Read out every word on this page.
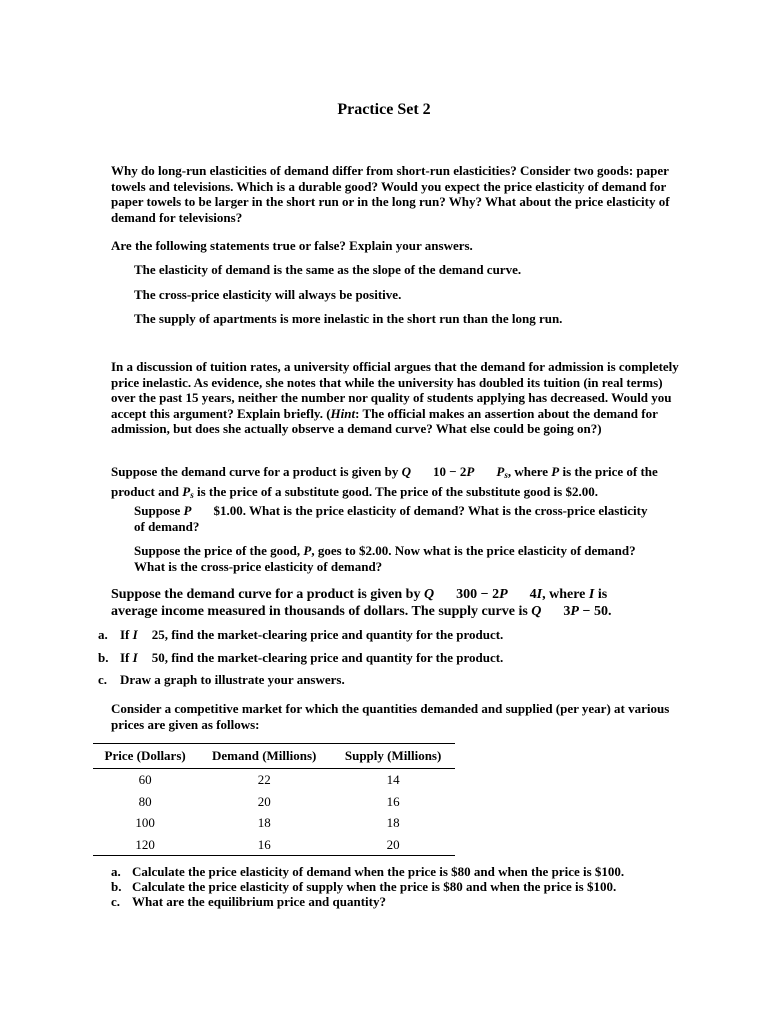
Practice Set 2

Why do long-run elasticities of demand differ from short-run elasticities? Consider two goods: paper towels and televisions. Which is a durable good? Would you expect the price elasticity of demand for paper towels to be larger in the short run or in the long run? Why? What about the price elasticity of demand for televisions?

Are the following statements true or false? Explain your answers.

The elasticity of demand is the same as the slope of the demand curve.

The cross-price elasticity will always be positive.

The supply of apartments is more inelastic in the short run than the long run.

In a discussion of tuition rates, a university official argues that the demand for admission is completely price inelastic. As evidence, she notes that while the university has doubled its tuition (in real terms) over the past 15 years, neither the number nor quality of students applying has decreased. Would you accept this argument? Explain briefly. (Hint: The official makes an assertion about the demand for admission, but does she actually observe a demand curve? What else could be going on?)

Suppose the demand curve for a product is given by Q 10 − 2P $P_s$, where P is the price of the product and $P_s$ is the price of a substitute good. The price of the substitute good is $2.00.

Suppose P $1.00. What is the price elasticity of demand? What is the cross-price elasticity of demand?

Suppose the price of the good, P, goes to $2.00. Now what is the price elasticity of demand? What is the cross-price elasticity of demand?

Suppose the demand curve for a product is given by Q 300 − 2P 4I, where I is
average income measured in thousands of dollars. The supply curve is Q 3P − 50.

a. If I 25, find the market-clearing price and quantity for the product.
b. If I 50, find the market-clearing price and quantity for the product.
c. Draw a graph to illustrate your answers.

Consider a competitive market for which the quantities demanded and supplied (per year) at various prices are given as follows:

Price (Dollars)	Demand (Millions)	Supply (Millions)
60	22	14
80	20	16
100	18	18
120	16	20
a. Calculate the price elasticity of demand when the price is $80 and when the price is $100.
b. Calculate the price elasticity of supply when the price is $80 and when the price is $100.
c. What are the equilibrium price and quantity?
